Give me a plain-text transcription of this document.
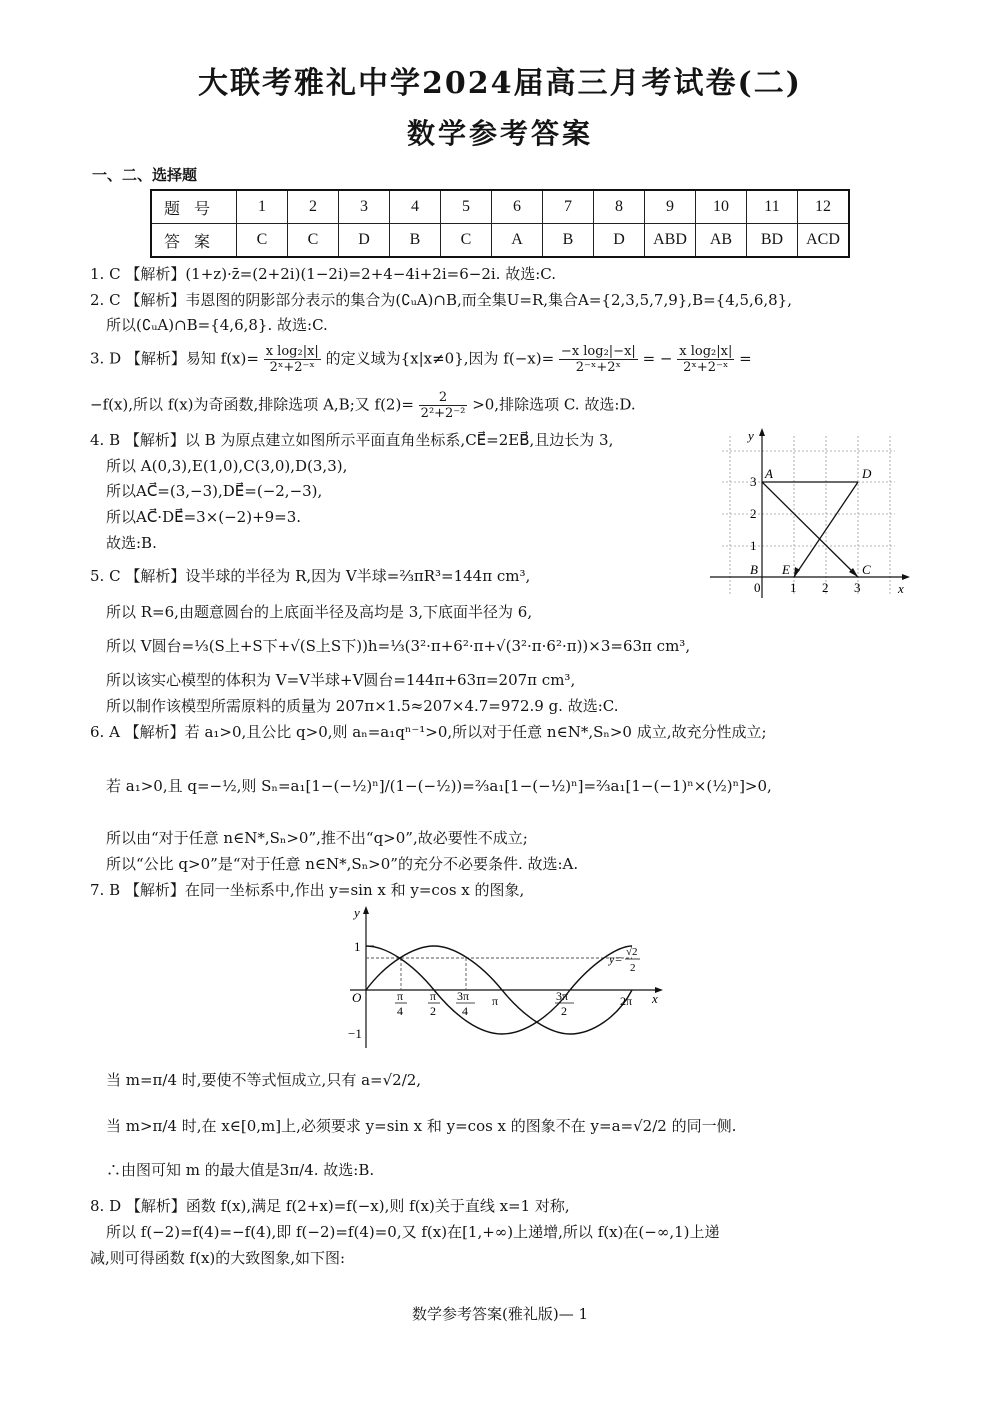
大联考雅礼中学2024届高三月考试卷(二)
数学参考答案
一、二、选择题
题号	1	2	3	4	5	6	7	8	9	10	11	12
答案	C	C	D	B	C	A	B	D	ABD	AB	BD	ACD
1. C 【解析】(1+z)·z̄=(2+2i)(1−2i)=2+4−4i+2i=6−2i. 故选:C.
2. C 【解析】韦恩图的阴影部分表示的集合为(∁ᵤA)∩B,而全集U=R,集合A={2,3,5,7,9},B={4,5,6,8},
所以(∁ᵤA)∩B={4,6,8}. 故选:C.
3. D 【解析】易知 $f(x)= \frac{\text{x log₂|x|}}{\text{2ˣ+2⁻ˣ}}$ 的定义域为{x|x≠0},因为 $f(-x)= \frac{\text{−x log₂|−x|}}{\text{2⁻ˣ+2ˣ}}$ = − $\frac{\text{x log₂|x|}}{\text{2ˣ+2⁻ˣ}}$ =
−f(x),所以 f(x)为奇函数,排除选项 A,B;又 $f(2)= \frac{2}{\text{2²+2⁻²}} >0$,排除选项 C. 故选:D.
4. B 【解析】以 B 为原点建立如图所示平面直角坐标系,CE⃗=2EB⃗,且边长为 3,
所以 A(0,3),E(1,0),C(3,0),D(3,3),
所以AC⃗=(3,−3),DE⃗=(−2,−3),
所以AC⃗·DE⃗=3×(−2)+9=3.
故选:B.
y
x
0 1 2 3
1
2
3
A	D
B E	C
5. C 【解析】设半球的半径为 R,因为 V半球=⅔πR³=144π cm³,
所以 R=6,由题意圆台的上底面半径及高均是 3,下底面半径为 6,
所以 V圆台=⅓(S上+S下+√(S上S下))h=⅓(3²·π+6²·π+√(3²·π·6²·π))×3=63π cm³,
所以该实心模型的体积为 V=V半球+V圆台=144π+63π=207π cm³,
所以制作该模型所需原料的质量为 207π×1.5≈207×4.7=972.9 g. 故选:C.
6. A 【解析】若 a₁>0,且公比 q>0,则 aₙ=a₁qⁿ⁻¹>0,所以对于任意 n∈N*,Sₙ>0 成立,故充分性成立;
若 a₁>0,且 q=−½,则 Sₙ=a₁[1−(−½)ⁿ]/(1−(−½))=⅔a₁[1−(−½)ⁿ]=⅔a₁[1−(−1)ⁿ×(½)ⁿ]>0,
所以由“对于任意 n∈N*,Sₙ>0”,推不出“q>0”,故必要性不成立;
所以“公比 q>0”是“对于任意 n∈N*,Sₙ>0”的充分不必要条件. 故选:A.
7. B 【解析】在同一坐标系中,作出 y=sin x 和 y=cos x 的图象,
y
x
O
1
−1
π
4
π
2
3π
4
π	3π
2
2π
y= √2
2
当 m=π/4 时,要使不等式恒成立,只有 a=√2/2,
当 m>π/4 时,在 x∈[0,m]上,必须要求 y=sin x 和 y=cos x 的图象不在 y=a=√2/2 的同一侧.
∴由图可知 m 的最大值是3π/4. 故选:B.
8. D 【解析】函数 f(x),满足 f(2+x)=f(−x),则 f(x)关于直线 x=1 对称,
所以 f(−2)=f(4)=−f(4),即 f(−2)=f(4)=0,又 f(x)在[1,+∞)上递增,所以 f(x)在(−∞,1)上递
减,则可得函数 f(x)的大致图象,如下图:
数学参考答案(雅礼版)— 1
